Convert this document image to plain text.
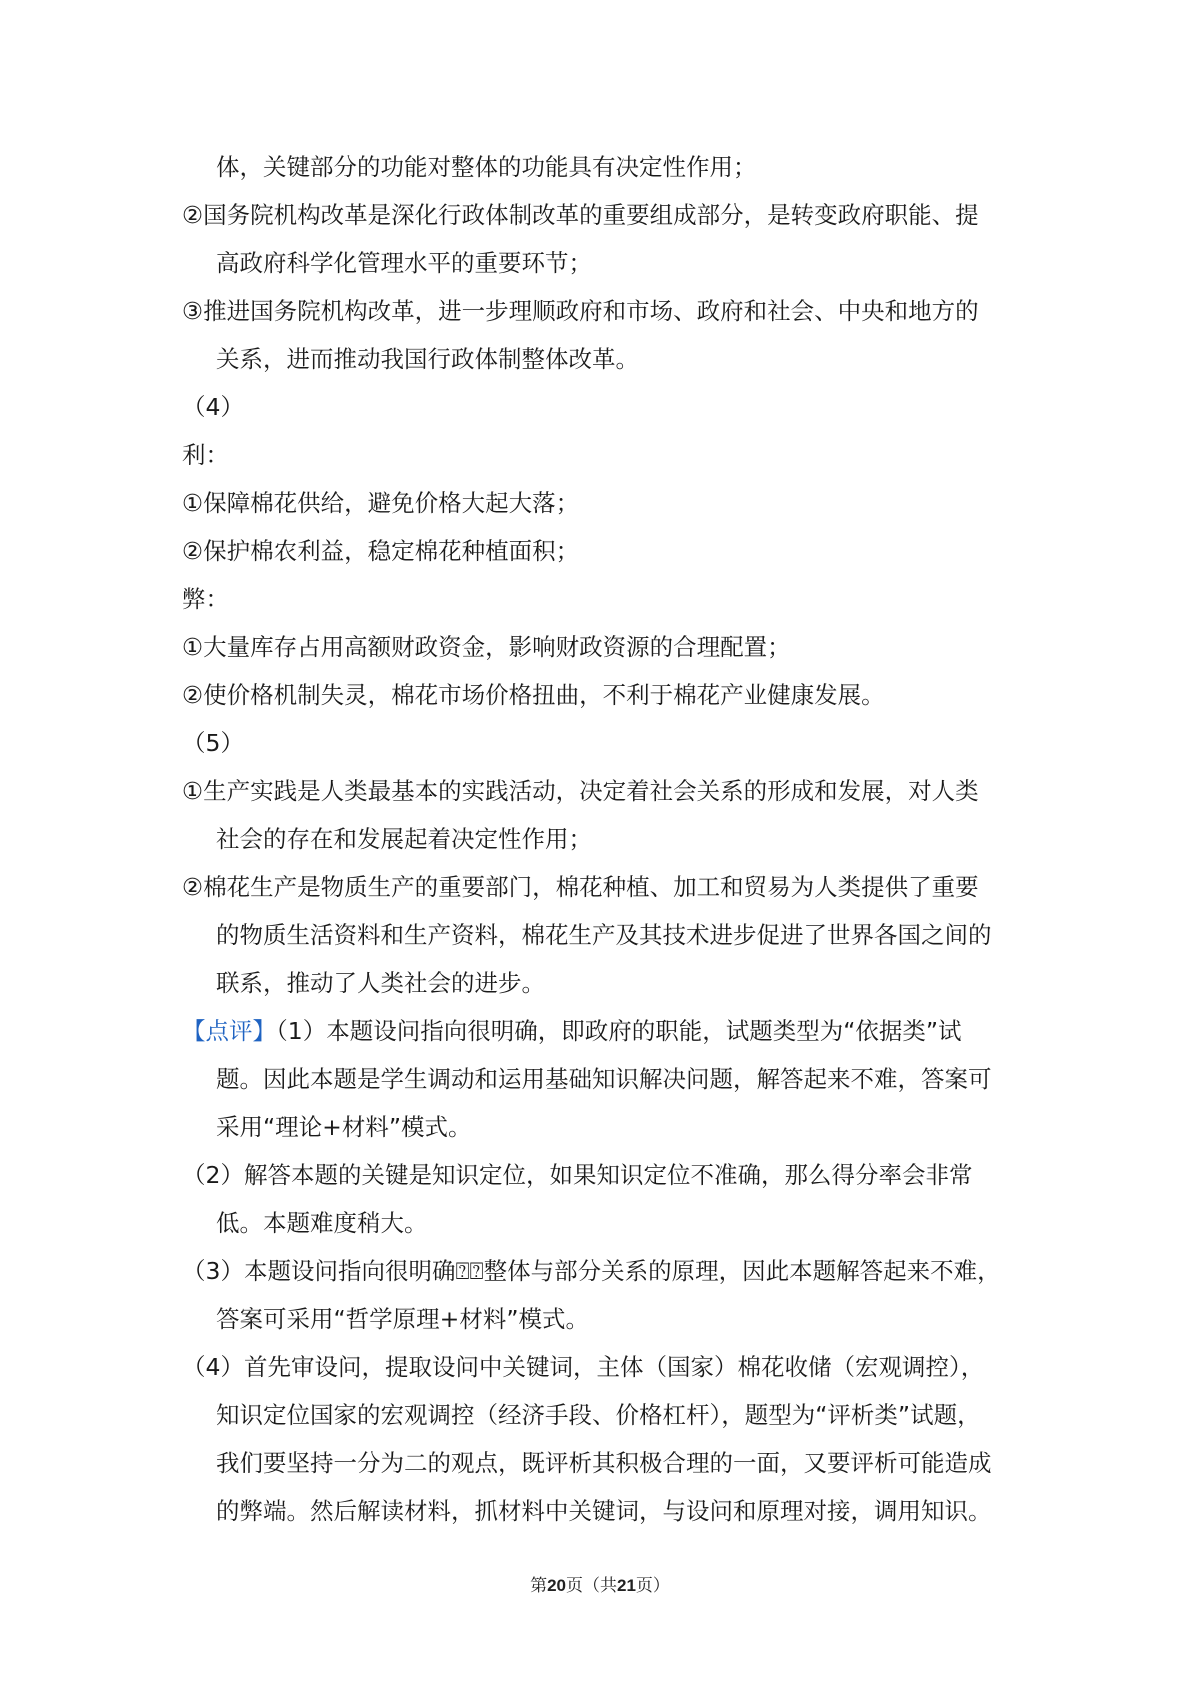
体，关键部分的功能对整体的功能具有决定性作用；
②国务院机构改革是深化行政体制改革的重要组成部分，是转变政府职能、提
高政府科学化管理水平的重要环节；
③推进国务院机构改革，进一步理顺政府和市场、政府和社会、中央和地方的
关系，进而推动我国行政体制整体改革。
（4）
利：
①保障棉花供给，避免价格大起大落；
②保护棉农利益，稳定棉花种植面积；
弊：
①大量库存占用高额财政资金，影响财政资源的合理配置；
②使价格机制失灵，棉花市场价格扭曲，不利于棉花产业健康发展。
（5）
①生产实践是人类最基本的实践活动，决定着社会关系的形成和发展，对人类
社会的存在和发展起着决定性作用；
②棉花生产是物质生产的重要部门，棉花种植、加工和贸易为人类提供了重要
的物质生活资料和生产资料，棉花生产及其技术进步促进了世界各国之间的
联系，推动了人类社会的进步。
【点评】（1）本题设问指向很明确，即政府的职能，试题类型为“依据类”试
题。因此本题是学生调动和运用基础知识解决问题，解答起来不难，答案可
采用“理论+材料”模式。
（2）解答本题的关键是知识定位，如果知识定位不准确，那么得分率会非常
低。本题难度稍大。
（3）本题设问指向很明确⍰⍰整体与部分关系的原理，因此本题解答起来不难，
答案可采用“哲学原理+材料”模式。
（4）首先审设问，提取设问中关键词，主体（国家）棉花收储（宏观调控），
知识定位国家的宏观调控（经济手段、价格杠杆），题型为“评析类”试题，
我们要坚持一分为二的观点，既评析其积极合理的一面，又要评析可能造成
的弊端。然后解读材料，抓材料中关键词，与设问和原理对接，调用知识。
第20页（共21页）
